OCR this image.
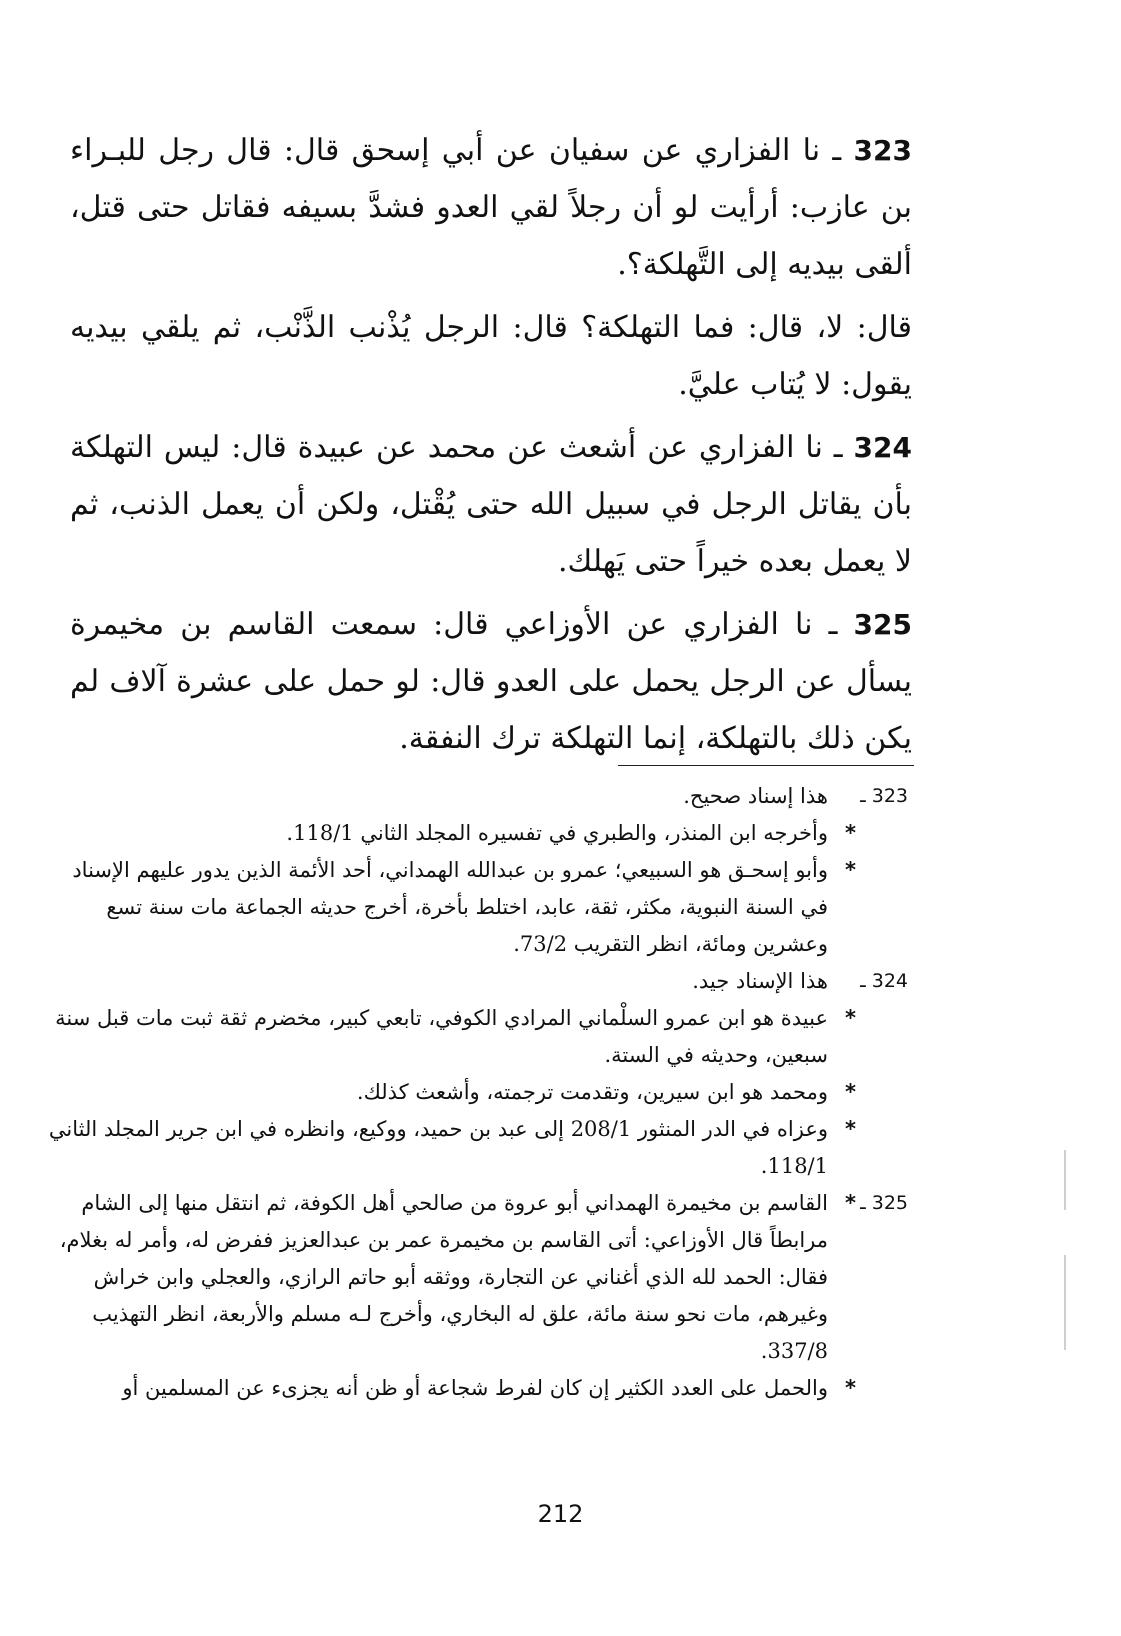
323 ـ نا الفزاري عن سفيان عن أبي إسحق قال: قال رجل للبـراء بن عازب: أرأيت لو أن رجلاً لقي العدو فشدَّ بسيفه فقاتل حتى قتل، ألقى بيديه إلى التَّهلكة؟.

قال: لا، قال: فما التهلكة؟ قال: الرجل يُذْنب الذَّنْب، ثم يلقي بيديه يقول: لا يُتاب عليَّ.

324 ـ نا الفزاري عن أشعث عن محمد عن عبيدة قال: ليس التهلكة بأن يقاتل الرجل في سبيل الله حتى يُقْتل، ولكن أن يعمل الذنب، ثم لا يعمل بعده خيراً حتى يَهلك.

325 ـ نا الفزاري عن الأوزاعي قال: سمعت القاسم بن مخيمرة يسأل عن الرجل يحمل على العدو قال: لو حمل على عشرة آلاف لم يكن ذلك بالتهلكة، إنما التهلكة ترك النفقة.

323 ـ
هذا إسناد صحيح.
*
وأخرجه ابن المنذر، والطبري في تفسيره المجلد الثاني 118/1.
*
وأبو إسحـق هو السبيعي؛ عمرو بن عبدالله الهمداني، أحد الأئمة الذين يدور عليهم الإسناد في السنة النبوية، مكثر، ثقة، عابد، اختلط بأخرة، أخرج حديثه الجماعة مات سنة تسع وعشرين ومائة، انظر التقريب 73/2.
324 ـ
هذا الإسناد جيد.
*
عبيدة هو ابن عمرو السلْماني المرادي الكوفي، تابعي كبير، مخضرم ثقة ثبت مات قبل سنة سبعين، وحديثه في الستة.
*
ومحمد هو ابن سيرين، وتقدمت ترجمته، وأشعث كذلك.
*
وعزاه في الدر المنثور 208/1 إلى عبد بن حميد، ووكيع، وانظره في ابن جرير المجلد الثاني 118/1.
325 ـ
*
القاسم بن مخيمرة الهمداني أبو عروة من صالحي أهل الكوفة، ثم انتقل منها إلى الشام مرابطاً قال الأوزاعي: أتى القاسم بن مخيمرة عمر بن عبدالعزيز ففرض له، وأمر له بغلام، فقال: الحمد لله الذي أغناني عن التجارة، ووثقه أبو حاتم الرازي، والعجلي وابن خراش وغيرهم، مات نحو سنة مائة، علق له البخاري، وأخرج لـه مسلم والأربعة، انظر التهذيب 337/8.
*
والحمل على العدد الكثير إن كان لفرط شجاعة أو ظن أنه يجزىء عن المسلمين أو
212
